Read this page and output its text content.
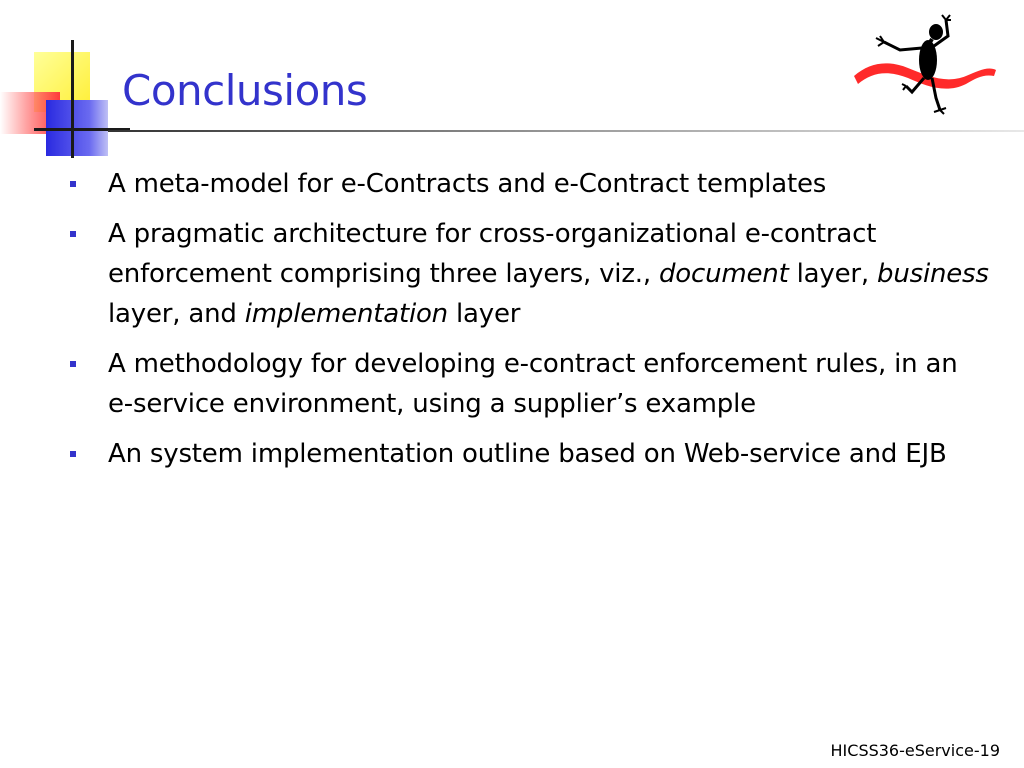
Conclusions
A meta-model for e-Contracts and e-Contract templates
A pragmatic architecture for cross-organizational e-contract enforcement comprising three layers, viz., document layer, business layer, and implementation layer
A methodology for developing e-contract enforcement rules, in an e-service environment, using a supplier’s example
An system implementation outline based on Web-service and EJB
HICSS36-eService-19
